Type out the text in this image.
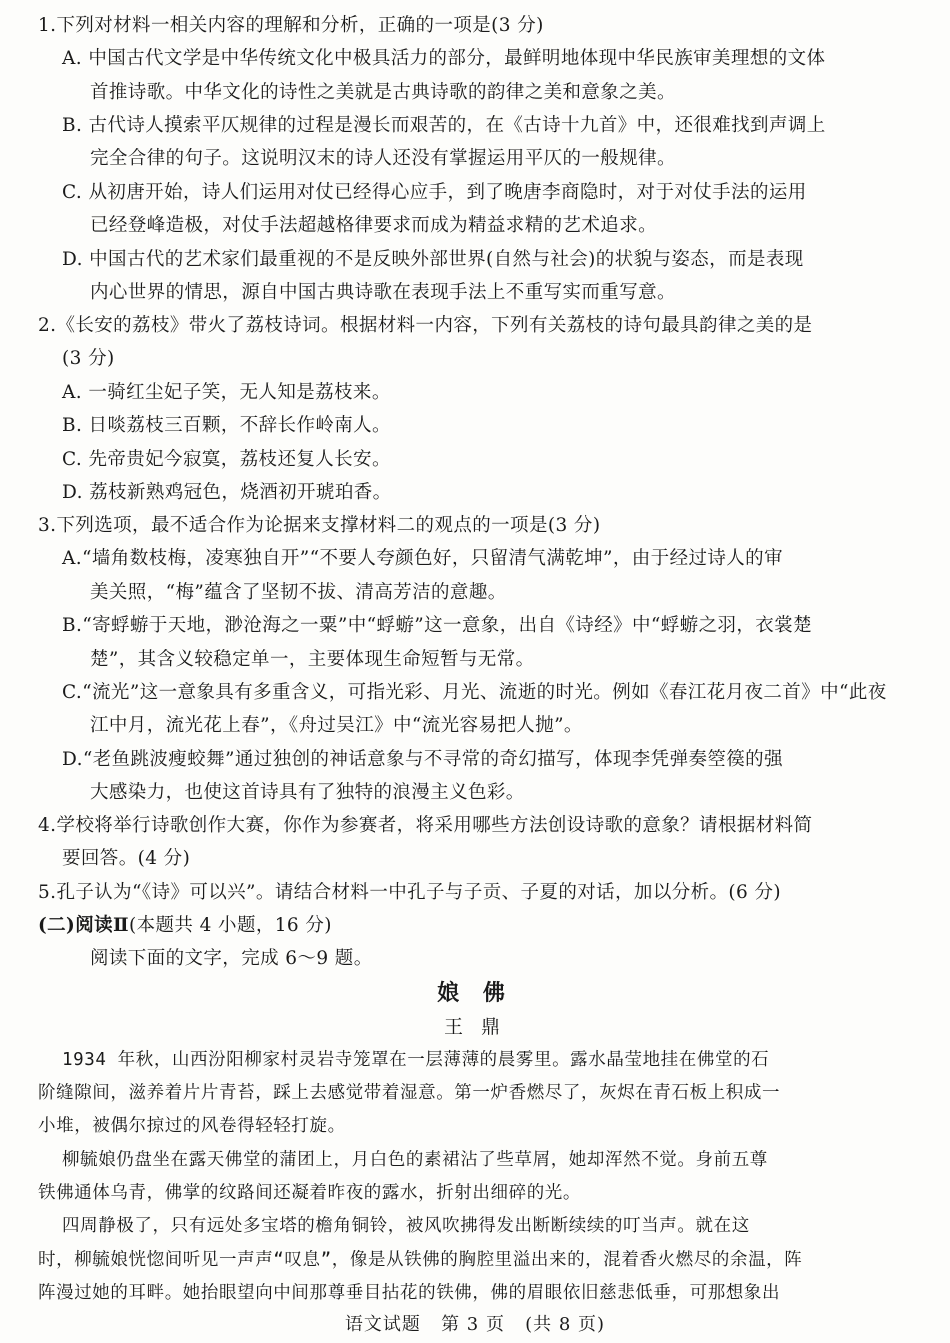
1.下列对材料一相关内容的理解和分析，正确的一项是(3 分)
A. 中国古代文学是中华传统文化中极具活力的部分，最鲜明地体现中华民族审美理想的文体
首推诗歌。中华文化的诗性之美就是古典诗歌的韵律之美和意象之美。
B. 古代诗人摸索平仄规律的过程是漫长而艰苦的，在《古诗十九首》中，还很难找到声调上
完全合律的句子。这说明汉末的诗人还没有掌握运用平仄的一般规律。
C. 从初唐开始，诗人们运用对仗已经得心应手，到了晚唐李商隐时，对于对仗手法的运用
已经登峰造极，对仗手法超越格律要求而成为精益求精的艺术追求。
D. 中国古代的艺术家们最重视的不是反映外部世界(自然与社会)的状貌与姿态，而是表现
内心世界的情思，源自中国古典诗歌在表现手法上不重写实而重写意。
2.《长安的荔枝》带火了荔枝诗词。根据材料一内容，下列有关荔枝的诗句最具韵律之美的是
(3 分)
A. 一骑红尘妃子笑，无人知是荔枝来。
B. 日啖荔枝三百颗，不辞长作岭南人。
C. 先帝贵妃今寂寞，荔枝还复人长安。
D. 荔枝新熟鸡冠色，烧酒初开琥珀香。
3.下列选项，最不适合作为论据来支撑材料二的观点的一项是(3 分)
A.“墙角数枝梅，凌寒独自开”“不要人夸颜色好，只留清气满乾坤”，由于经过诗人的审
美关照，“梅”蕴含了坚韧不拔、清高芳洁的意趣。
B.“寄蜉蝣于天地，渺沧海之一粟”中“蜉蝣”这一意象，出自《诗经》中“蜉蝣之羽，衣裳楚
楚”，其含义较稳定单一，主要体现生命短暂与无常。
C.“流光”这一意象具有多重含义，可指光彩、月光、流逝的时光。例如《春江花月夜二首》中“此夜
江中月，流光花上春”，《舟过吴江》中“流光容易把人抛”。
D.“老鱼跳波瘦蛟舞”通过独创的神话意象与不寻常的奇幻描写，体现李凭弹奏箜篌的强
大感染力，也使这首诗具有了独特的浪漫主义色彩。
4.学校将举行诗歌创作大赛，你作为参赛者，将采用哪些方法创设诗歌的意象？请根据材料简
要回答。(4 分)
5.孔子认为“《诗》可以兴”。请结合材料一中孔子与子贡、子夏的对话，加以分析。(6 分)
(二)阅读Ⅱ(本题共 4 小题，16 分)
阅读下面的文字，完成 6～9 题。
娘 佛
王 鼎
1934 年秋，山西汾阳柳家村灵岩寺笼罩在一层薄薄的晨雾里。露水晶莹地挂在佛堂的石
阶缝隙间，滋养着片片青苔，踩上去感觉带着湿意。第一炉香燃尽了，灰烬在青石板上积成一
小堆，被偶尔掠过的风卷得轻轻打旋。
柳毓娘仍盘坐在露天佛堂的蒲团上，月白色的素裙沾了些草屑，她却浑然不觉。身前五尊
铁佛通体乌青，佛掌的纹路间还凝着昨夜的露水，折射出细碎的光。
四周静极了，只有远处多宝塔的檐角铜铃，被风吹拂得发出断断续续的叮当声。就在这
时，柳毓娘恍惚间听见一声声“叹息”，像是从铁佛的胸腔里溢出来的，混着香火燃尽的余温，阵
阵漫过她的耳畔。她抬眼望向中间那尊垂目拈花的铁佛，佛的眉眼依旧慈悲低垂，可那想象出
语文试题   第 3 页   (共 8 页)
